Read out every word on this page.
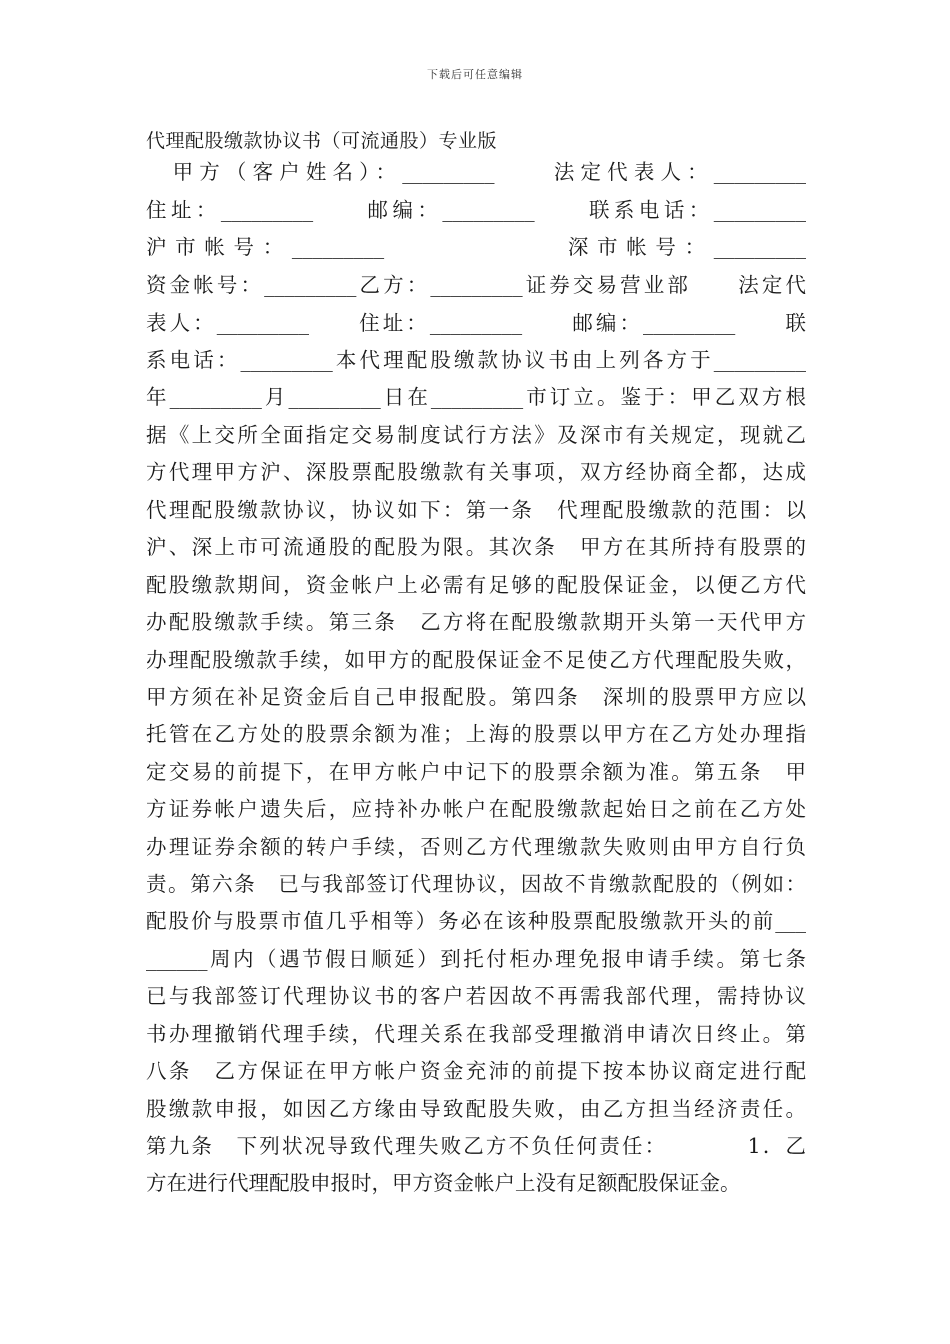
下载后可任意编辑
代理配股缴款协议书（可流通股）专业版
　甲方（客户姓名）：_________　　法定代表人：_________
住址：_________　　邮编：_________　　联系电话：_________
沪市帐号：_________　　　　　　深市帐号：_________
资金帐号：_________乙方：_________证券交易营业部　　法定代
表人：_________　　住址：_________　　邮编：_________　　联
系电话：_________本代理配股缴款协议书由上列各方于_________
年_________月_________日在_________市订立。鉴于：甲乙双方根
据《上交所全面指定交易制度试行方法》及深市有关规定，现就乙
方代理甲方沪、深股票配股缴款有关事项，双方经协商全都，达成
代理配股缴款协议，协议如下：第一条　代理配股缴款的范围：以
沪、深上市可流通股的配股为限。其次条　甲方在其所持有股票的
配股缴款期间，资金帐户上必需有足够的配股保证金，以便乙方代
办配股缴款手续。第三条　乙方将在配股缴款期开头第一天代甲方
办理配股缴款手续，如甲方的配股保证金不足使乙方代理配股失败，
甲方须在补足资金后自己申报配股。第四条　深圳的股票甲方应以
托管在乙方处的股票余额为准；上海的股票以甲方在乙方处办理指
定交易的前提下，在甲方帐户中记下的股票余额为准。第五条　甲
方证券帐户遗失后，应持补办帐户在配股缴款起始日之前在乙方处
办理证券余额的转户手续，否则乙方代理缴款失败则由甲方自行负
责。第六条　已与我部签订代理协议，因故不肯缴款配股的（例如：
配股价与股票市值几乎相等）务必在该种股票配股缴款开头的前___
______周内（遇节假日顺延）到托付柜办理免报申请手续。第七条
已与我部签订代理协议书的客户若因故不再需我部代理，需持协议
书办理撤销代理手续，代理关系在我部受理撤消申请次日终止。第
八条　乙方保证在甲方帐户资金充沛的前提下按本协议商定进行配
股缴款申报，如因乙方缘由导致配股失败，由乙方担当经济责任。
第九条　下列状况导致代理失败乙方不负任何责任：　　　　1．乙
方在进行代理配股申报时，甲方资金帐户上没有足额配股保证金。
